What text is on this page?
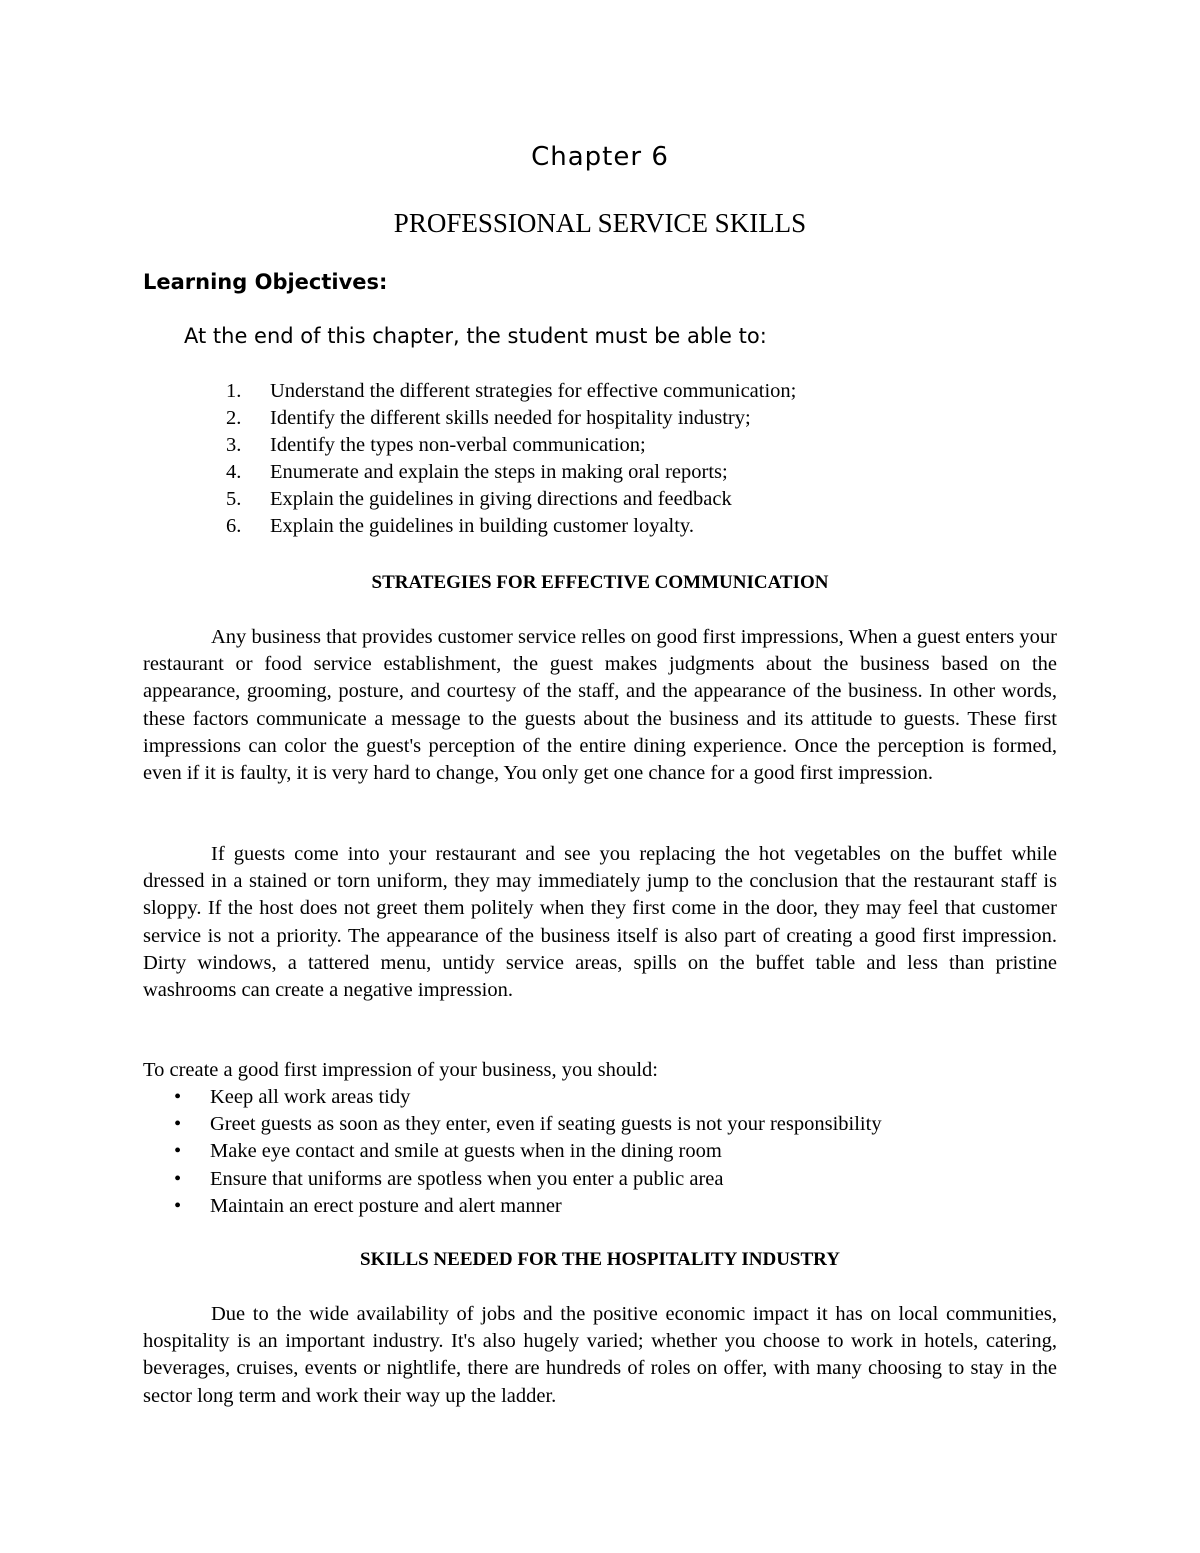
Chapter 6
PROFESSIONAL SERVICE SKILLS
Learning Objectives:
At the end of this chapter, the student must be able to:
1. Understand the different strategies for effective communication;
2. Identify the different skills needed for hospitality industry;
3. Identify the types non-verbal communication;
4. Enumerate and explain the steps in making oral reports;
5. Explain the guidelines in giving directions and feedback
6. Explain the guidelines in building customer loyalty.
STRATEGIES FOR EFFECTIVE COMMUNICATION

Any business that provides customer service relles on good first impressions, When a guest enters your restaurant or food service establishment, the guest makes judgments about the business based on the appearance, grooming, posture, and courtesy of the staff, and the appearance of the business. In other words, these factors communicate a message to the guests about the business and its attitude to guests. These first impressions can color the guest's perception of the entire dining experience. Once the perception is formed, even if it is faulty, it is very hard to change, You only get one chance for a good first impression.

If guests come into your restaurant and see you replacing the hot vegetables on the buffet while dressed in a stained or torn uniform, they may immediately jump to the conclusion that the restaurant staff is sloppy. If the host does not greet them politely when they first come in the door, they may feel that customer service is not a priority. The appearance of the business itself is also part of creating a good first impression. Dirty windows, a tattered menu, untidy service areas, spills on the buffet table and less than pristine washrooms can create a negative impression.

To create a good first impression of your business, you should:

• Keep all work areas tidy
• Greet guests as soon as they enter, even if seating guests is not your responsibility
• Make eye contact and smile at guests when in the dining room
• Ensure that uniforms are spotless when you enter a public area
• Maintain an erect posture and alert manner
SKILLS NEEDED FOR THE HOSPITALITY INDUSTRY

Due to the wide availability of jobs and the positive economic impact it has on local communities, hospitality is an important industry. It's also hugely varied; whether you choose to work in hotels, catering, beverages, cruises, events or nightlife, there are hundreds of roles on offer, with many choosing to stay in the sector long term and work their way up the ladder.
